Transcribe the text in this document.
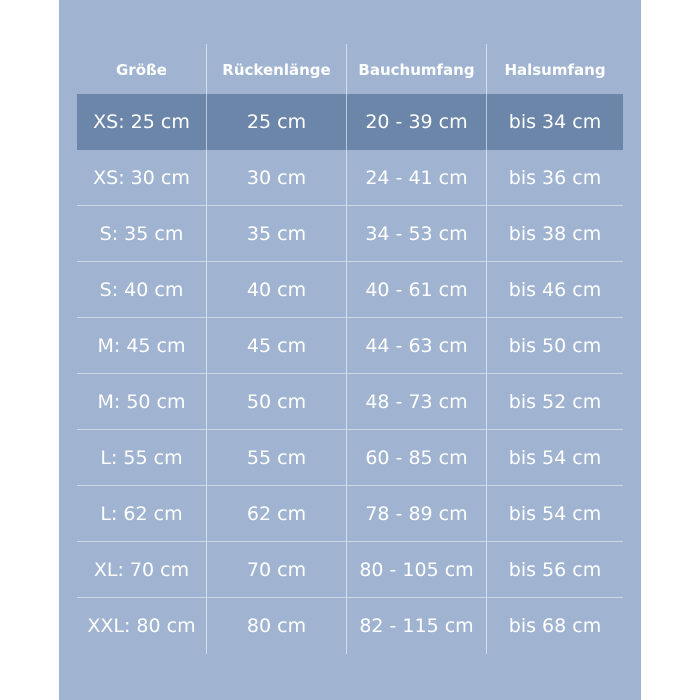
Größe	Rückenlänge	Bauchumfang	Halsumfang
XS: 25 cm	25 cm	20 - 39 cm	bis 34 cm
XS: 30 cm	30 cm	24 - 41 cm	bis 36 cm
S: 35 cm	35 cm	34 - 53 cm	bis 38 cm
S: 40 cm	40 cm	40 - 61 cm	bis 46 cm
M: 45 cm	45 cm	44 - 63 cm	bis 50 cm
M: 50 cm	50 cm	48 - 73 cm	bis 52 cm
L: 55 cm	55 cm	60 - 85 cm	bis 54 cm
L: 62 cm	62 cm	78 - 89 cm	bis 54 cm
XL: 70 cm	70 cm	80 - 105 cm	bis 56 cm
XXL: 80 cm	80 cm	82 - 115 cm	bis 68 cm
